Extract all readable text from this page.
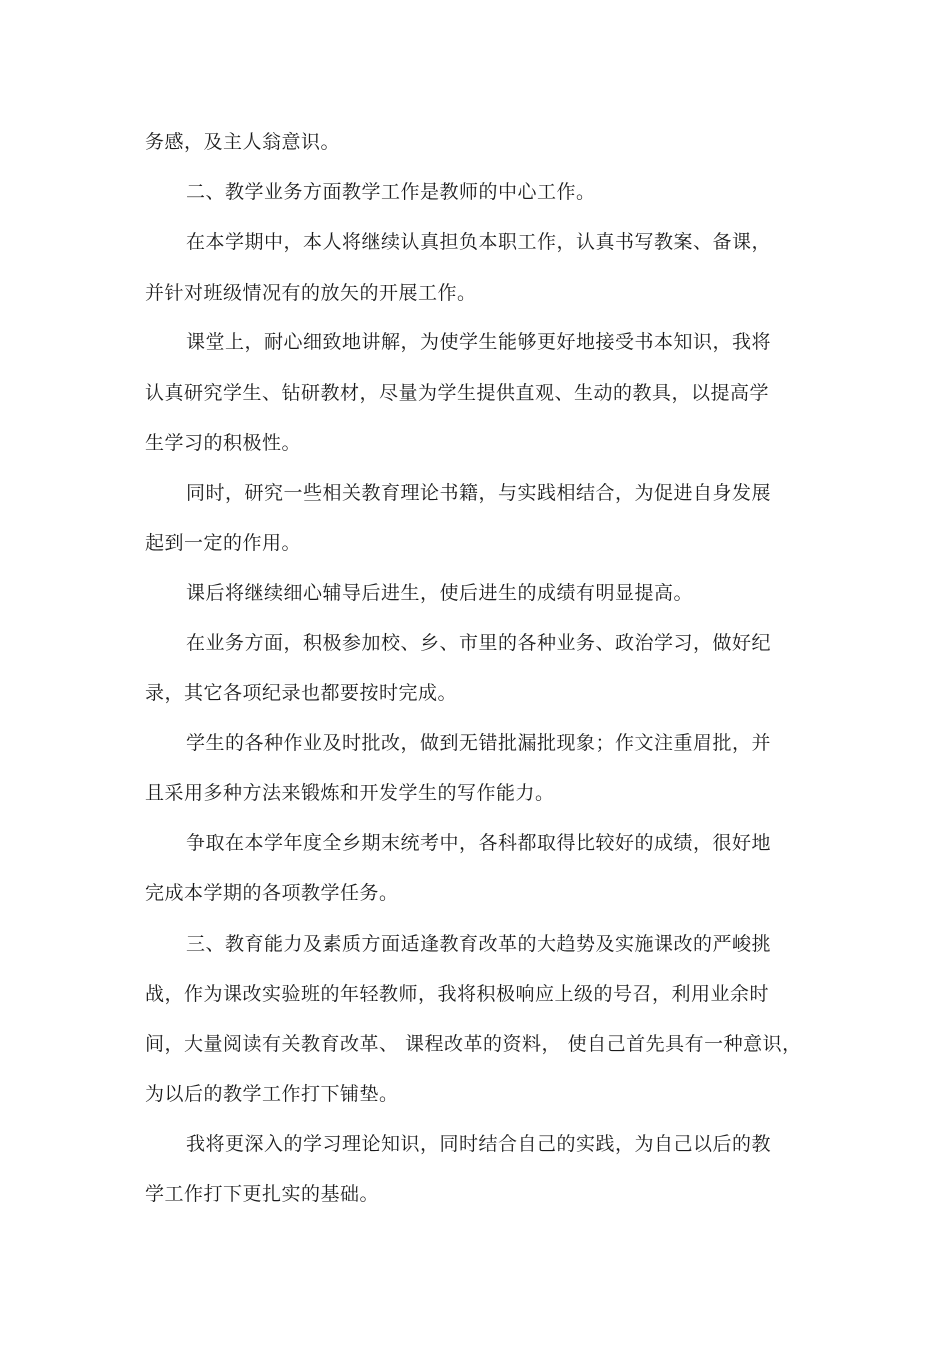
务感，及主人翁意识。
二、教学业务方面教学工作是教师的中心工作。
在本学期中，本人将继续认真担负本职工作，认真书写教案、备课，
并针对班级情况有的放矢的开展工作。
课堂上，耐心细致地讲解，为使学生能够更好地接受书本知识，我将
认真研究学生、钻研教材，尽量为学生提供直观、生动的教具，以提高学
生学习的积极性。
同时，研究一些相关教育理论书籍，与实践相结合，为促进自身发展
起到一定的作用。
课后将继续细心辅导后进生，使后进生的成绩有明显提高。
在业务方面，积极参加校、乡、市里的各种业务、政治学习，做好纪
录，其它各项纪录也都要按时完成。
学生的各种作业及时批改，做到无错批漏批现象；作文注重眉批，并
且采用多种方法来锻炼和开发学生的写作能力。
争取在本学年度全乡期末统考中，各科都取得比较好的成绩，很好地
完成本学期的各项教学任务。
三、教育能力及素质方面适逢教育改革的大趋势及实施课改的严峻挑
战，作为课改实验班的年轻教师，我将积极响应上级的号召，利用业余时
间，大量阅读有关教育改革、 课程改革的资料， 使自己首先具有一种意识，
为以后的教学工作打下铺垫。
我将更深入的学习理论知识，同时结合自己的实践，为自己以后的教
学工作打下更扎实的基础。
